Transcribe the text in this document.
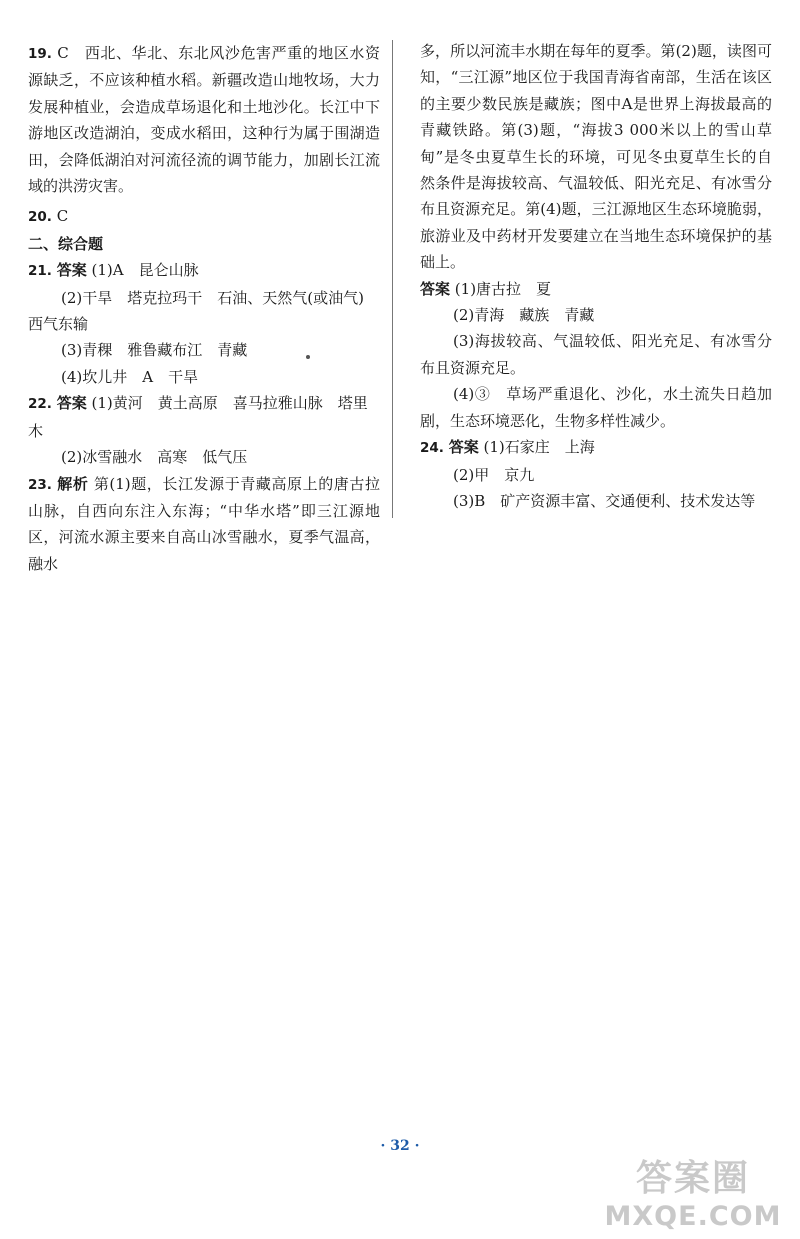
19. C　西北、华北、东北风沙危害严重的地区水资源缺乏，不应该种植水稻。新疆改造山地牧场，大力发展种植业，会造成草场退化和土地沙化。长江中下游地区改造湖泊，变成水稻田，这种行为属于围湖造田，会降低湖泊对河流径流的调节能力，加剧长江流域的洪涝灾害。

20. C

二、综合题

21. 答案 (1)A　昆仑山脉

(2)干旱　塔克拉玛干　石油、天然气(或油气)

西气东输

(3)青稞　雅鲁藏布江　青藏

(4)坎儿井　A　干旱

22. 答案 (1)黄河　黄土高原　喜马拉雅山脉　塔里木

(2)冰雪融水　高寒　低气压

23. 解析 第(1)题，长江发源于青藏高原上的唐古拉山脉，自西向东注入东海；“中华水塔”即三江源地区，河流水源主要来自高山冰雪融水，夏季气温高，融水

多，所以河流丰水期在每年的夏季。第(2)题，读图可知，“三江源”地区位于我国青海省南部，生活在该区的主要少数民族是藏族；图中A是世界上海拔最高的青藏铁路。第(3)题，“海拔3 000米以上的雪山草甸”是冬虫夏草生长的环境，可见冬虫夏草生长的自然条件是海拔较高、气温较低、阳光充足、有冰雪分布且资源充足。第(4)题，三江源地区生态环境脆弱，旅游业及中药材开发要建立在当地生态环境保护的基础上。

答案 (1)唐古拉　夏

(2)青海　藏族　青藏

(3)海拔较高、气温较低、阳光充足、有冰雪分布且资源充足。

(4)③　草场严重退化、沙化，水土流失日趋加剧，生态环境恶化，生物多样性减少。

24. 答案 (1)石家庄　上海

(2)甲　京九

(3)B　矿产资源丰富、交通便利、技术发达等

· 32 ·
答案圈
MXQE.COM
